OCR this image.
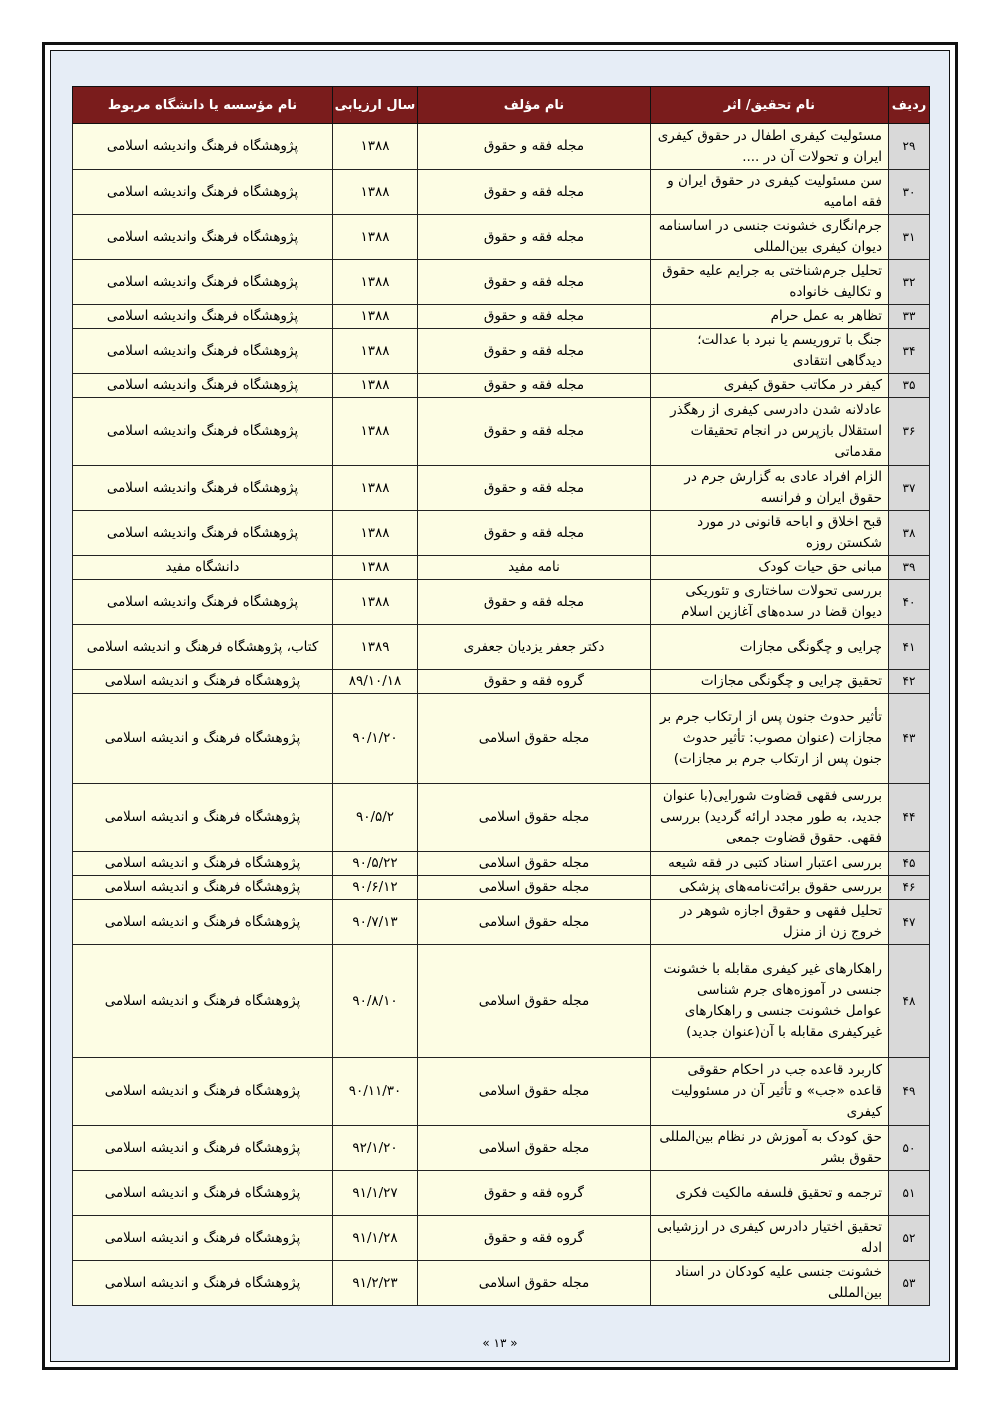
ردیف	نام تحقیق/ اثر	نام مؤلف	سال ارزیابی	نام مؤسسه یا دانشگاه مربوط
۲۹	مسئولیت کیفری اطفال در حقوق کیفری ایران و تحولات آن در ....	مجله فقه و حقوق	۱۳۸۸	پژوهشگاه فرهنگ واندیشه اسلامی
۳۰	سن مسئولیت کیفری در حقوق ایران و فقه امامیه	مجله فقه و حقوق	۱۳۸۸	پژوهشگاه فرهنگ واندیشه اسلامی
۳۱	جرم‌انگاری خشونت جنسی در اساسنامه دیوان کیفری بین‌المللی	مجله فقه و حقوق	۱۳۸۸	پژوهشگاه فرهنگ واندیشه اسلامی
۳۲	تحلیل جرم‌شناختی به جرایم علیه حقوق و تکالیف خانواده	مجله فقه و حقوق	۱۳۸۸	پژوهشگاه فرهنگ واندیشه اسلامی
۳۳	تظاهر به عمل حرام	مجله فقه و حقوق	۱۳۸۸	پژوهشگاه فرهنگ واندیشه اسلامی
۳۴	جنگ با تروریسم یا نبرد با عدالت؛ دیدگاهی انتقادی	مجله فقه و حقوق	۱۳۸۸	پژوهشگاه فرهنگ واندیشه اسلامی
۳۵	کیفر در مکاتب حقوق کیفری	مجله فقه و حقوق	۱۳۸۸	پژوهشگاه فرهنگ واندیشه اسلامی
۳۶	عادلانه شدن دادرسی کیفری از رهگذر استقلال بازپرس در انجام تحقیقات مقدماتی	مجله فقه و حقوق	۱۳۸۸	پژوهشگاه فرهنگ واندیشه اسلامی
۳۷	الزام افراد عادی به گزارش جرم در حقوق ایران و فرانسه	مجله فقه و حقوق	۱۳۸۸	پژوهشگاه فرهنگ واندیشه اسلامی
۳۸	قبح اخلاق و اباحه قانونی در مورد شکستن روزه	مجله فقه و حقوق	۱۳۸۸	پژوهشگاه فرهنگ واندیشه اسلامی
۳۹	مبانی حق حیات کودک	نامه مفید	۱۳۸۸	دانشگاه مفید
۴۰	بررسی تحولات ساختاری و تئوریکی دیوان قضا در سده‌های آغازین اسلام	مجله فقه و حقوق	۱۳۸۸	پژوهشگاه فرهنگ واندیشه اسلامی
۴۱	چرایی و چگونگی مجازات	دکتر جعفر یزدیان جعفری	۱۳۸۹	کتاب، پژوهشگاه فرهنگ و اندیشه اسلامی
۴۲	تحقیق چرایی و چگونگی مجازات	گروه فقه و حقوق	۸۹/۱۰/۱۸	پژوهشگاه فرهنگ و اندیشه اسلامی
۴۳	تأثیر حدوث جنون پس از ارتکاب جرم بر مجازات (عنوان مصوب: تأثیر حدوث جنون پس از ارتکاب جرم بر مجازات)	مجله حقوق اسلامی	۹۰/۱/۲۰	پژوهشگاه فرهنگ و اندیشه اسلامی
۴۴	بررسی فقهی قضاوت شورایی(با عنوان جدید، به طور مجدد ارائه گردید) بررسی فقهی. حقوق قضاوت جمعی	مجله حقوق اسلامی	۹۰/۵/۲	پژوهشگاه فرهنگ و اندیشه اسلامی
۴۵	بررسی اعتبار اسناد کتبی در فقه شیعه	مجله حقوق اسلامی	۹۰/۵/۲۲	پژوهشگاه فرهنگ و اندیشه اسلامی
۴۶	بررسی حقوق برائت‌نامه‌های پزشکی	مجله حقوق اسلامی	۹۰/۶/۱۲	پژوهشگاه فرهنگ و اندیشه اسلامی
۴۷	تحلیل فقهی و حقوق اجازه شوهر در خروج زن از منزل	مجله حقوق اسلامی	۹۰/۷/۱۳	پژوهشگاه فرهنگ و اندیشه اسلامی
۴۸	راهکارهای غیر کیفری مقابله با خشونت جنسی در آموزه‌های جرم شناسی عوامل خشونت جنسی و راهکارهای غیرکیفری مقابله با آن(عنوان جدید)	مجله حقوق اسلامی	۹۰/۸/۱۰	پژوهشگاه فرهنگ و اندیشه اسلامی
۴۹	کاربرد قاعده جب در احکام حقوقی قاعده «جب» و تأثیر آن در مسئوولیت کیفری	مجله حقوق اسلامی	۹۰/۱۱/۳۰	پژوهشگاه فرهنگ و اندیشه اسلامی
۵۰	حق کودک به آموزش در نظام بین‌المللی حقوق بشر	مجله حقوق اسلامی	۹۲/۱/۲۰	پژوهشگاه فرهنگ و اندیشه اسلامی
۵۱	ترجمه و تحقیق فلسفه مالکیت فکری	گروه فقه و حقوق	۹۱/۱/۲۷	پژوهشگاه فرهنگ و اندیشه اسلامی
۵۲	تحقیق اختیار دادرس کیفری در ارزشیابی ادله	گروه فقه و حقوق	۹۱/۱/۲۸	پژوهشگاه فرهنگ و اندیشه اسلامی
۵۳	خشونت جنسی علیه کودکان در اسناد بین‌المللی	مجله حقوق اسلامی	۹۱/۲/۲۳	پژوهشگاه فرهنگ و اندیشه اسلامی
« ۱۳ »
